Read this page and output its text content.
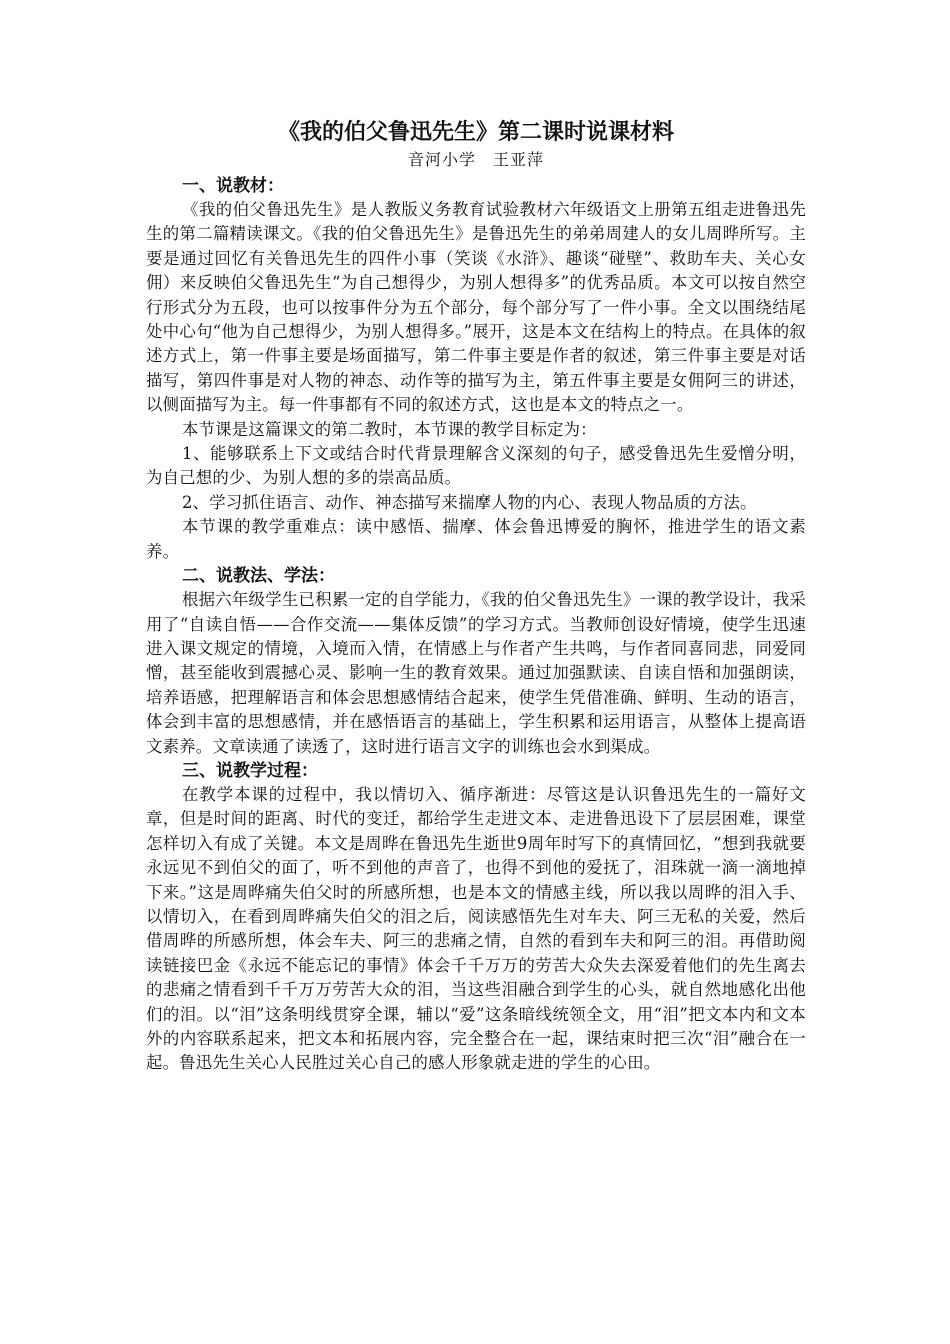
《我的伯父鲁迅先生》第二课时说课材料
音河小学　王亚萍
一、说教材：

《我的伯父鲁迅先生》是人教版义务教育试验教材六年级语文上册第五组走进鲁迅先生的第二篇精读课文。《我的伯父鲁迅先生》是鲁迅先生的弟弟周建人的女儿周晔所写。主要是通过回忆有关鲁迅先生的四件小事（笑谈《水浒》、趣谈“碰壁”、救助车夫、关心女佣）来反映伯父鲁迅先生“为自己想得少，为别人想得多”的优秀品质。本文可以按自然空行形式分为五段，也可以按事件分为五个部分，每个部分写了一件小事。全文以围绕结尾处中心句“他为自己想得少，为别人想得多。”展开，这是本文在结构上的特点。在具体的叙述方式上，第一件事主要是场面描写，第二件事主要是作者的叙述，第三件事主要是对话描写，第四件事是对人物的神态、动作等的描写为主，第五件事主要是女佣阿三的讲述，以侧面描写为主。每一件事都有不同的叙述方式，这也是本文的特点之一。

本节课是这篇课文的第二教时，本节课的教学目标定为：

1、能够联系上下文或结合时代背景理解含义深刻的句子，感受鲁迅先生爱憎分明，为自己想的少、为别人想的多的崇高品质。

2、学习抓住语言、动作、神态描写来揣摩人物的内心、表现人物品质的方法。

本节课的教学重难点：读中感悟、揣摩、体会鲁迅博爱的胸怀，推进学生的语文素养。

二、说教法、学法：

根据六年级学生已积累一定的自学能力，《我的伯父鲁迅先生》一课的教学设计，我采用了“自读自悟——合作交流——集体反馈”的学习方式。当教师创设好情境，使学生迅速进入课文规定的情境，入境而入情，在情感上与作者产生共鸣，与作者同喜同悲，同爱同憎，甚至能收到震撼心灵、影响一生的教育效果。通过加强默读、自读自悟和加强朗读，培养语感，把理解语言和体会思想感情结合起来，使学生凭借准确、鲜明、生动的语言，体会到丰富的思想感情，并在感悟语言的基础上，学生积累和运用语言，从整体上提高语文素养。文章读通了读透了，这时进行语言文字的训练也会水到渠成。

三、说教学过程：

在教学本课的过程中，我以情切入、循序渐进：尽管这是认识鲁迅先生的一篇好文章，但是时间的距离、时代的变迁，都给学生走进文本、走进鲁迅设下了层层困难，课堂怎样切入有成了关键。本文是周晔在鲁迅先生逝世9周年时写下的真情回忆，“想到我就要永远见不到伯父的面了，听不到他的声音了，也得不到他的爱抚了，泪珠就一滴一滴地掉下来。”这是周晔痛失伯父时的所感所想，也是本文的情感主线，所以我以周晔的泪入手、以情切入，在看到周晔痛失伯父的泪之后，阅读感悟先生对车夫、阿三无私的关爱，然后借周晔的所感所想，体会车夫、阿三的悲痛之情，自然的看到车夫和阿三的泪。再借助阅读链接巴金《永远不能忘记的事情》体会千千万万的劳苦大众失去深爱着他们的先生离去的悲痛之情看到千千万万劳苦大众的泪，当这些泪融合到学生的心头，就自然地感化出他们的泪。以“泪”这条明线贯穿全课，辅以“爱”这条暗线统领全文，用“泪”把文本内和文本外的内容联系起来，把文本和拓展内容，完全整合在一起，课结束时把三次“泪”融合在一起。鲁迅先生关心人民胜过关心自己的感人形象就走进的学生的心田。
